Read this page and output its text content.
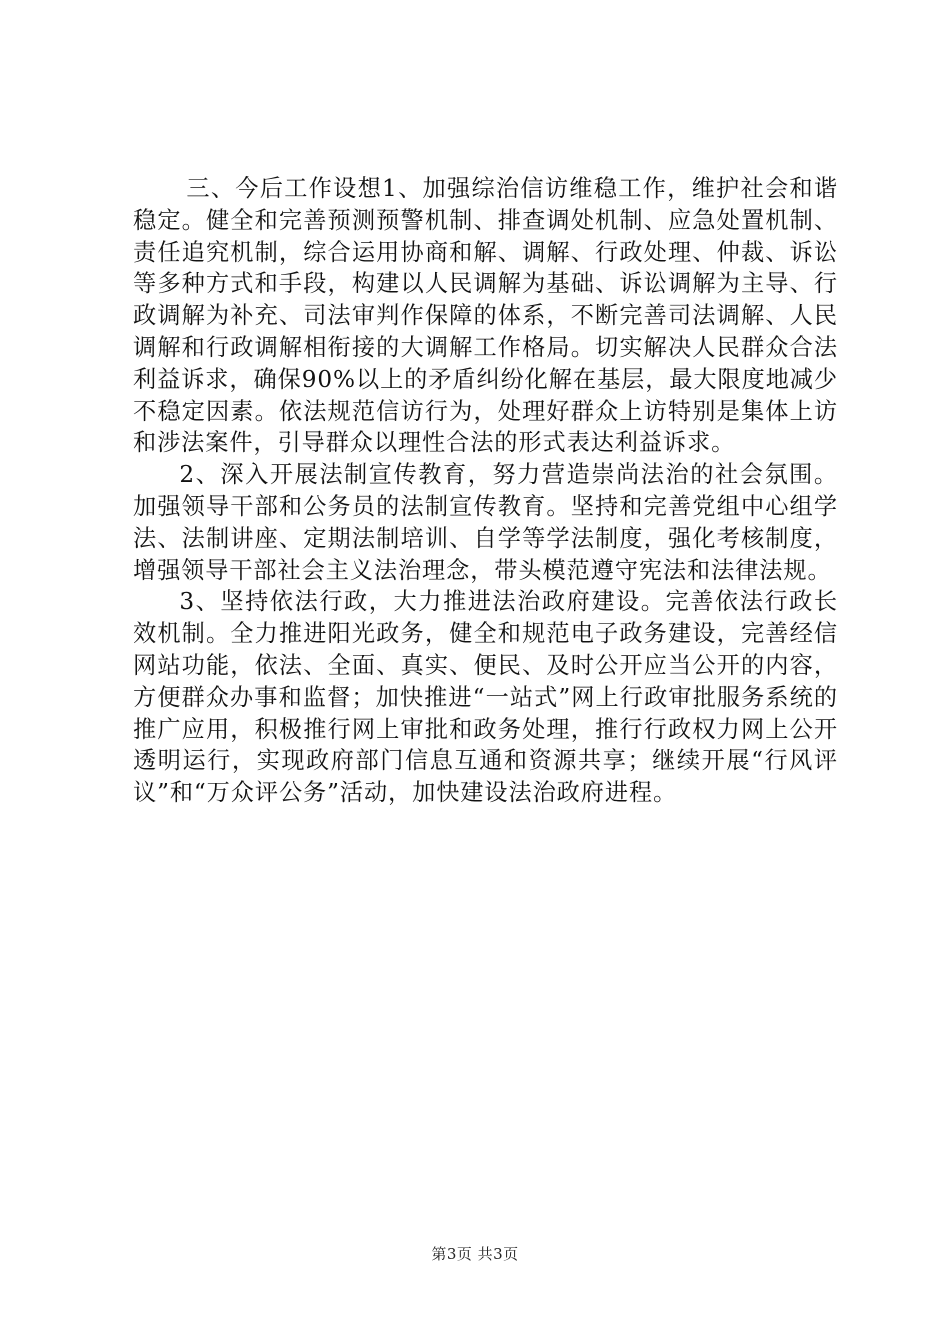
三、今后工作设想1、加强综治信访维稳工作，维护社会和谐稳定。健全和完善预测预警机制、排查调处机制、应急处置机制、责任追究机制，综合运用协商和解、调解、行政处理、仲裁、诉讼等多种方式和手段，构建以人民调解为基础、诉讼调解为主导、行政调解为补充、司法审判作保障的体系，不断完善司法调解、人民调解和行政调解相衔接的大调解工作格局。切实解决人民群众合法利益诉求，确保90%以上的矛盾纠纷化解在基层，最大限度地减少不稳定因素。依法规范信访行为，处理好群众上访特别是集体上访和涉法案件，引导群众以理性合法的形式表达利益诉求。

2、深入开展法制宣传教育，努力营造崇尚法治的社会氛围。加强领导干部和公务员的法制宣传教育。坚持和完善党组中心组学法、法制讲座、定期法制培训、自学等学法制度，强化考核制度，增强领导干部社会主义法治理念，带头模范遵守宪法和法律法规。

3、坚持依法行政，大力推进法治政府建设。完善依法行政长效机制。全力推进阳光政务，健全和规范电子政务建设，完善经信网站功能，依法、全面、真实、便民、及时公开应当公开的内容，方便群众办事和监督；加快推进“一站式”网上行政审批服务系统的推广应用，积极推行网上审批和政务处理，推行行政权力网上公开透明运行，实现政府部门信息互通和资源共享；继续开展“行风评议”和“万众评公务”活动，加快建设法治政府进程。

第3页 共3页
